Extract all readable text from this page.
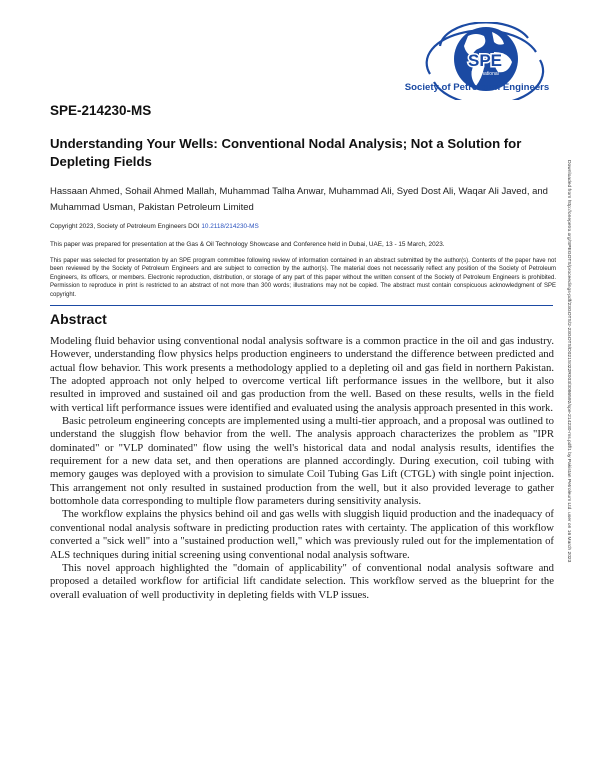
SPE
International
Society of Petroleum Engineers
SPE-214230-MS
Understanding Your Wells: Conventional Nodal Analysis; Not a Solution for Depleting Fields
Hassaan Ahmed, Sohail Ahmed Mallah, Muhammad Talha Anwar, Muhammad Ali, Syed Dost Ali, Waqar Ali Javed, and Muhammad Usman, Pakistan Petroleum Limited
Copyright 2023, Society of Petroleum Engineers DOI 10.2118/214230-MS
This paper was prepared for presentation at the Gas & Oil Technology Showcase and Conference held in Dubai, UAE, 13 - 15 March, 2023.
This paper was selected for presentation by an SPE program committee following review of information contained in an abstract submitted by the author(s). Contents of the paper have not been reviewed by the Society of Petroleum Engineers and are subject to correction by the author(s). The material does not necessarily reflect any position of the Society of Petroleum Engineers, its officers, or members. Electronic reproduction, distribution, or storage of any part of this paper without the written consent of the Society of Petroleum Engineers is prohibited. Permission to reproduce in print is restricted to an abstract of not more than 300 words; illustrations may not be copied. The abstract must contain conspicuous acknowledgment of SPE copyright.
Abstract

Modeling fluid behavior using conventional nodal analysis software is a common practice in the oil and gas industry. However, understanding flow physics helps production engineers to understand the difference between predicted and actual flow behavior. This work presents a methodology applied to a depleting oil and gas field in northern Pakistan. The adopted approach not only helped to overcome vertical lift performance issues in the wellbore, but it also resulted in improved and sustained oil and gas production from the well. Based on these results, wells in the field with vertical lift performance issues were identified and evaluated using the analysis approach presented in this work.

Basic petroleum engineering concepts are implemented using a multi-tier approach, and a proposal was outlined to understand the sluggish flow behavior from the well. The analysis approach characterizes the problem as "IPR dominated" or "VLP dominated" flow using the well's historical data and nodal analysis results, identifies the requirement for a new data set, and then operations are planned accordingly. During execution, coil tubing with memory gauges was deployed with a provision to simulate Coil Tubing Gas Lift (CTGL) with single point injection. This arrangement not only resulted in sustained production from the well, but it also provided leverage to gather bottomhole data corresponding to multiple flow parameters during sensitivity analysis.

The workflow explains the physics behind oil and gas wells with sluggish liquid production and the inadequacy of conventional nodal analysis software in predicting production rates with certainty. The application of this workflow converted a "sick well" into a "sustained production well," which was previously ruled out for the implementation of ALS techniques during initial screening using conventional nodal analysis software.

This novel approach highlighted the "domain of applicability" of conventional nodal analysis software and proposed a detailed workflow for artificial lift candidate selection. This workflow served as the blueprint for the overall evaluation of well productivity in depleting fields with VLP issues.

Downloaded from http://onepetro.org/SPEGOTS/proceedings-pdf/23GOTS/2-23GOTS/D021S022R003/3086592/spe-214230-ms.pdf/1 by Pakistan Petroleum Ltd. user on 16 March 2023
